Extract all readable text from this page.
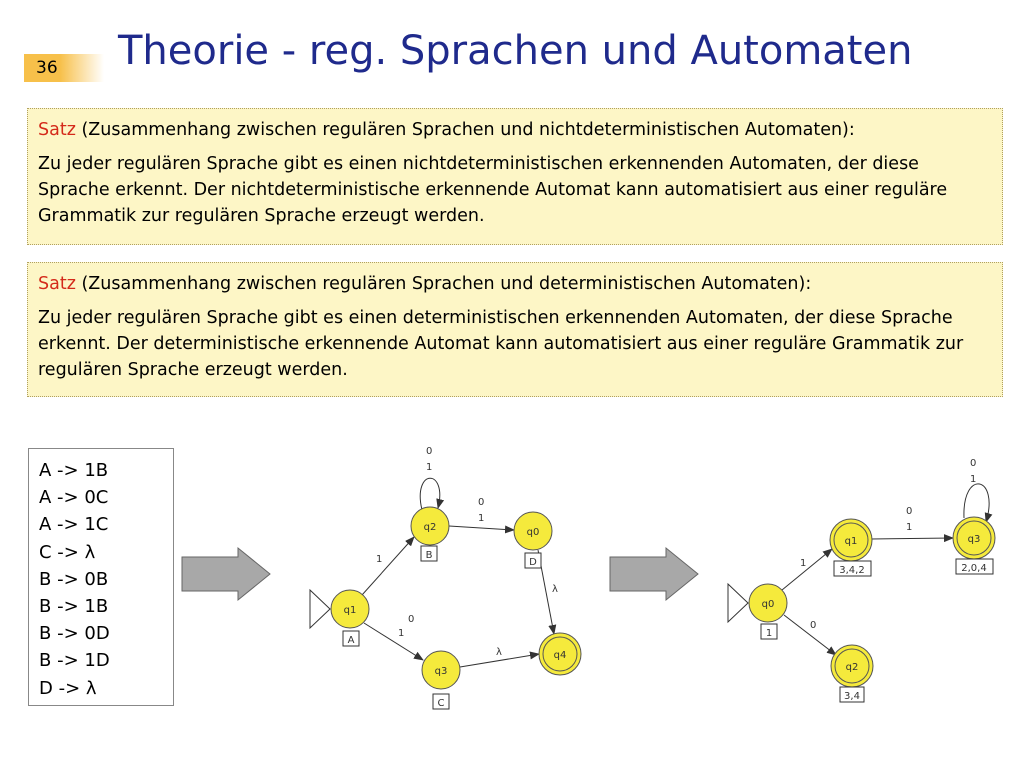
36	Theorie - reg. Sprachen und Automaten

Satz (Zusammenhang zwischen regulären Sprachen und nichtdeterministischen Automaten):

Zu jeder regulären Sprache gibt es einen nichtdeterministischen erkennenden Automaten, der diese Sprache erkennt. Der nichtdeterministische erkennende Automat kann automatisiert aus einer reguläre Grammatik zur regulären Sprache erzeugt werden.

Satz (Zusammenhang zwischen regulären Sprachen und deterministischen Automaten):

Zu jeder regulären Sprache gibt es einen deterministischen erkennenden Automaten, der diese Sprache erkennt. Der deterministische erkennende Automat kann automatisiert aus einer reguläre Grammatik zur regulären Sprache erzeugt werden.

A -> 1B
A -> 0C
A -> 1C
C -> λ
B -> 0B
B -> 1B
B -> 0D
B -> 1D
D -> λ
0
1
0
1
1
0
1
λ
λ
q2
B
q0
D
q1
A
q3
C
q4
0
1
0
1
1
0
q1
3,4,2
q3
2,0,4
q0
1
q2
3,4
